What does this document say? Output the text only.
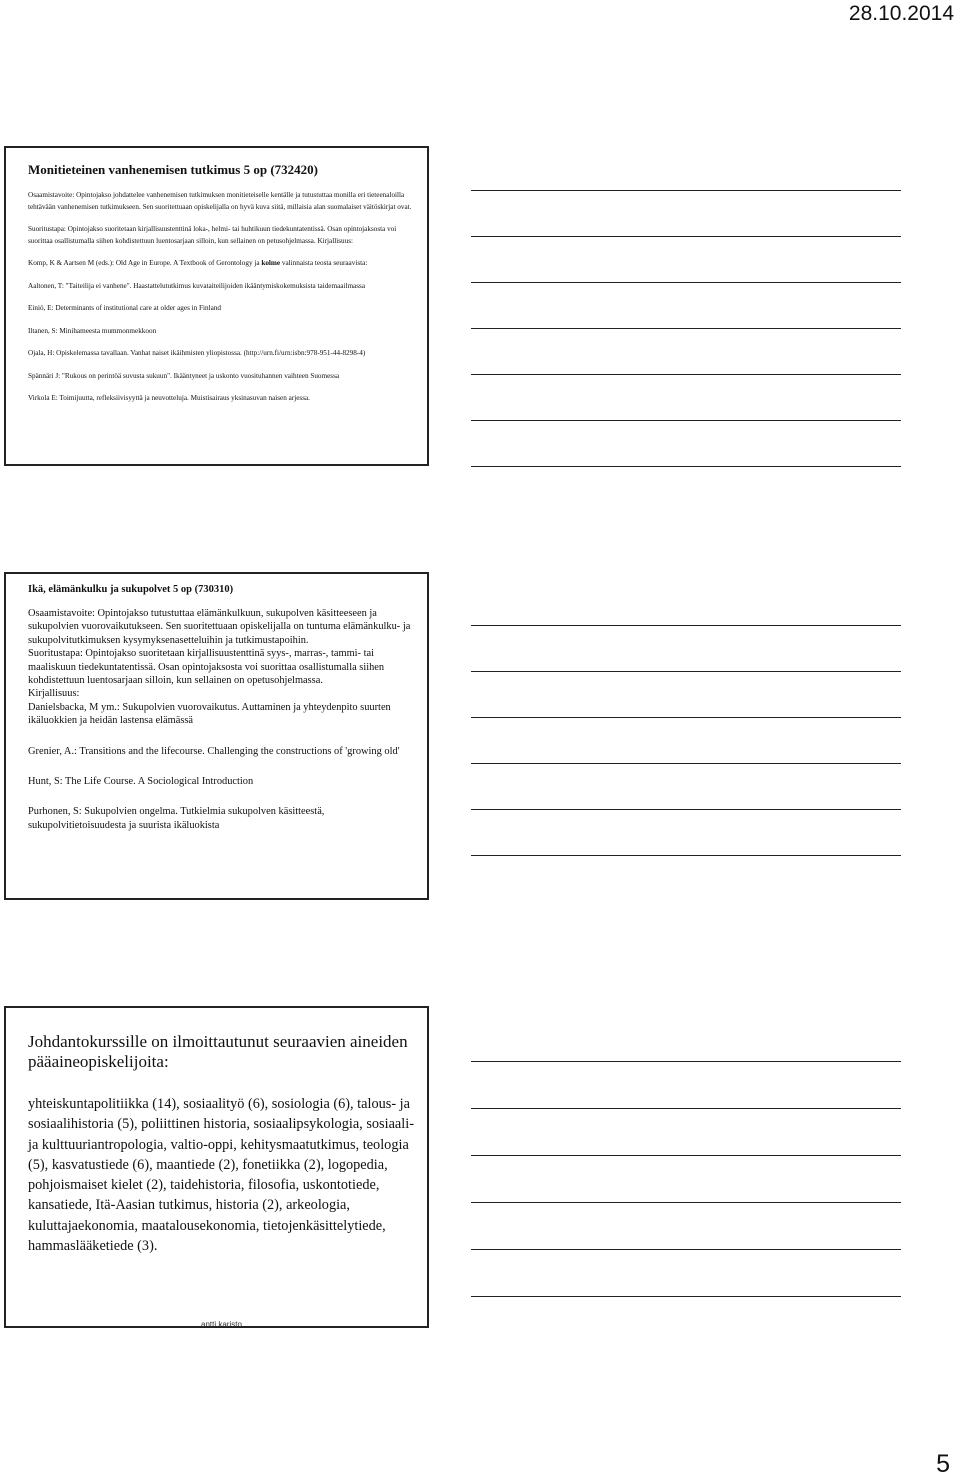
28.10.2014

Monitieteinen vanhenemisen tutkimus 5 op (732420)

Osaamistavoite: Opintojakso johdattelee vanhenemisen tutkimuksen monitieteiselle kentälle ja tutustuttaa monilla eri tieteenaloilla tehtävään vanhenemisen tutkimukseen. Sen suoritettuaan opiskelijalla on hyvä kuva siitä, millaisia alan suomalaiset väitöskirjat ovat.

Suoritustapa: Opintojakso suoritetaan kirjallisuustenttinä loka-, helmi- tai huhtikuun tiedekuntatentissä. Osan opintojaksosta voi suorittaa osallistumalla siihen kohdistettuun luentosarjaan silloin, kun sellainen on petusohjelmassa. Kirjallisuus:

Komp, K & Aartsen M (eds.): Old Age in Europe. A Textbook of Gerontology ja kolme valinnaista teosta seuraavista:

Aaltonen, T: "Taiteilija ei vanhene". Haastattelututkimus kuvataiteilijoiden ikääntymiskokemuksista taidemaailmassa

Einiö, E: Determinants of institutional care at older ages in Finland

Iltanen, S: Minihameesta mummonmekkoon

Ojala, H: Opiskelemassa tavallaan. Vanhat naiset ikäihmisten yliopistossa. (http://urn.fi/urn:isbn:978-951-44-8298-4)

Spännäri J: "Rukous on perintöä suvusta sukuun". Ikääntyneet ja uskonto vuosituhannen vaihteen Suomessa

Virkola E: Toimijuutta, refleksiivisyyttä ja neuvotteluja. Muistisairaus yksinasuvan naisen arjessa.

Ikä, elämänkulku ja sukupolvet 5 op (730310)

Osaamistavoite: Opintojakso tutustuttaa elämänkulkuun, sukupolven käsitteeseen ja sukupolvien vuorovaikutukseen. Sen suoritettuaan opiskelijalla on tuntuma elämänkulku- ja sukupolvitutkimuksen kysymyksenasetteluihin ja tutkimustapoihin.

Suoritustapa: Opintojakso suoritetaan kirjallisuustenttinä syys-, marras-, tammi- tai maaliskuun tiedekuntatentissä. Osan opintojaksosta voi suorittaa osallistumalla siihen kohdistettuun luentosarjaan silloin, kun sellainen on opetusohjelmassa.

Kirjallisuus:

Danielsbacka, M ym.: Sukupolvien vuorovaikutus. Auttaminen ja yhteydenpito suurten ikäluokkien ja heidän lastensa elämässä

Grenier, A.: Transitions and the lifecourse. Challenging the constructions of 'growing old'

Hunt, S: The Life Course. A Sociological Introduction

Purhonen, S: Sukupolvien ongelma. Tutkielmia sukupolven käsitteestä, sukupolvitietoisuudesta ja suurista ikäluokista

Johdantokurssille on ilmoittautunut seuraavien aineiden pääaineopiskelijoita:

yhteiskuntapolitiikka (14), sosiaalityö (6), sosiologia (6), talous- ja sosiaalihistoria (5), poliittinen historia, sosiaalipsykologia, sosiaali- ja kulttuuriantropologia, valtio-oppi, kehitysmaatutkimus, teologia (5), kasvatustiede (6), maantiede (2), fonetiikka (2), logopedia, pohjoismaiset kielet (2), taidehistoria, filosofia, uskontotiede, kansatiede, Itä-Aasian tutkimus, historia (2), arkeologia, kuluttajaekonomia, maatalousekonomia, tietojenkäsittelytiede, hammaslääketiede (3).

antti karisto
5
